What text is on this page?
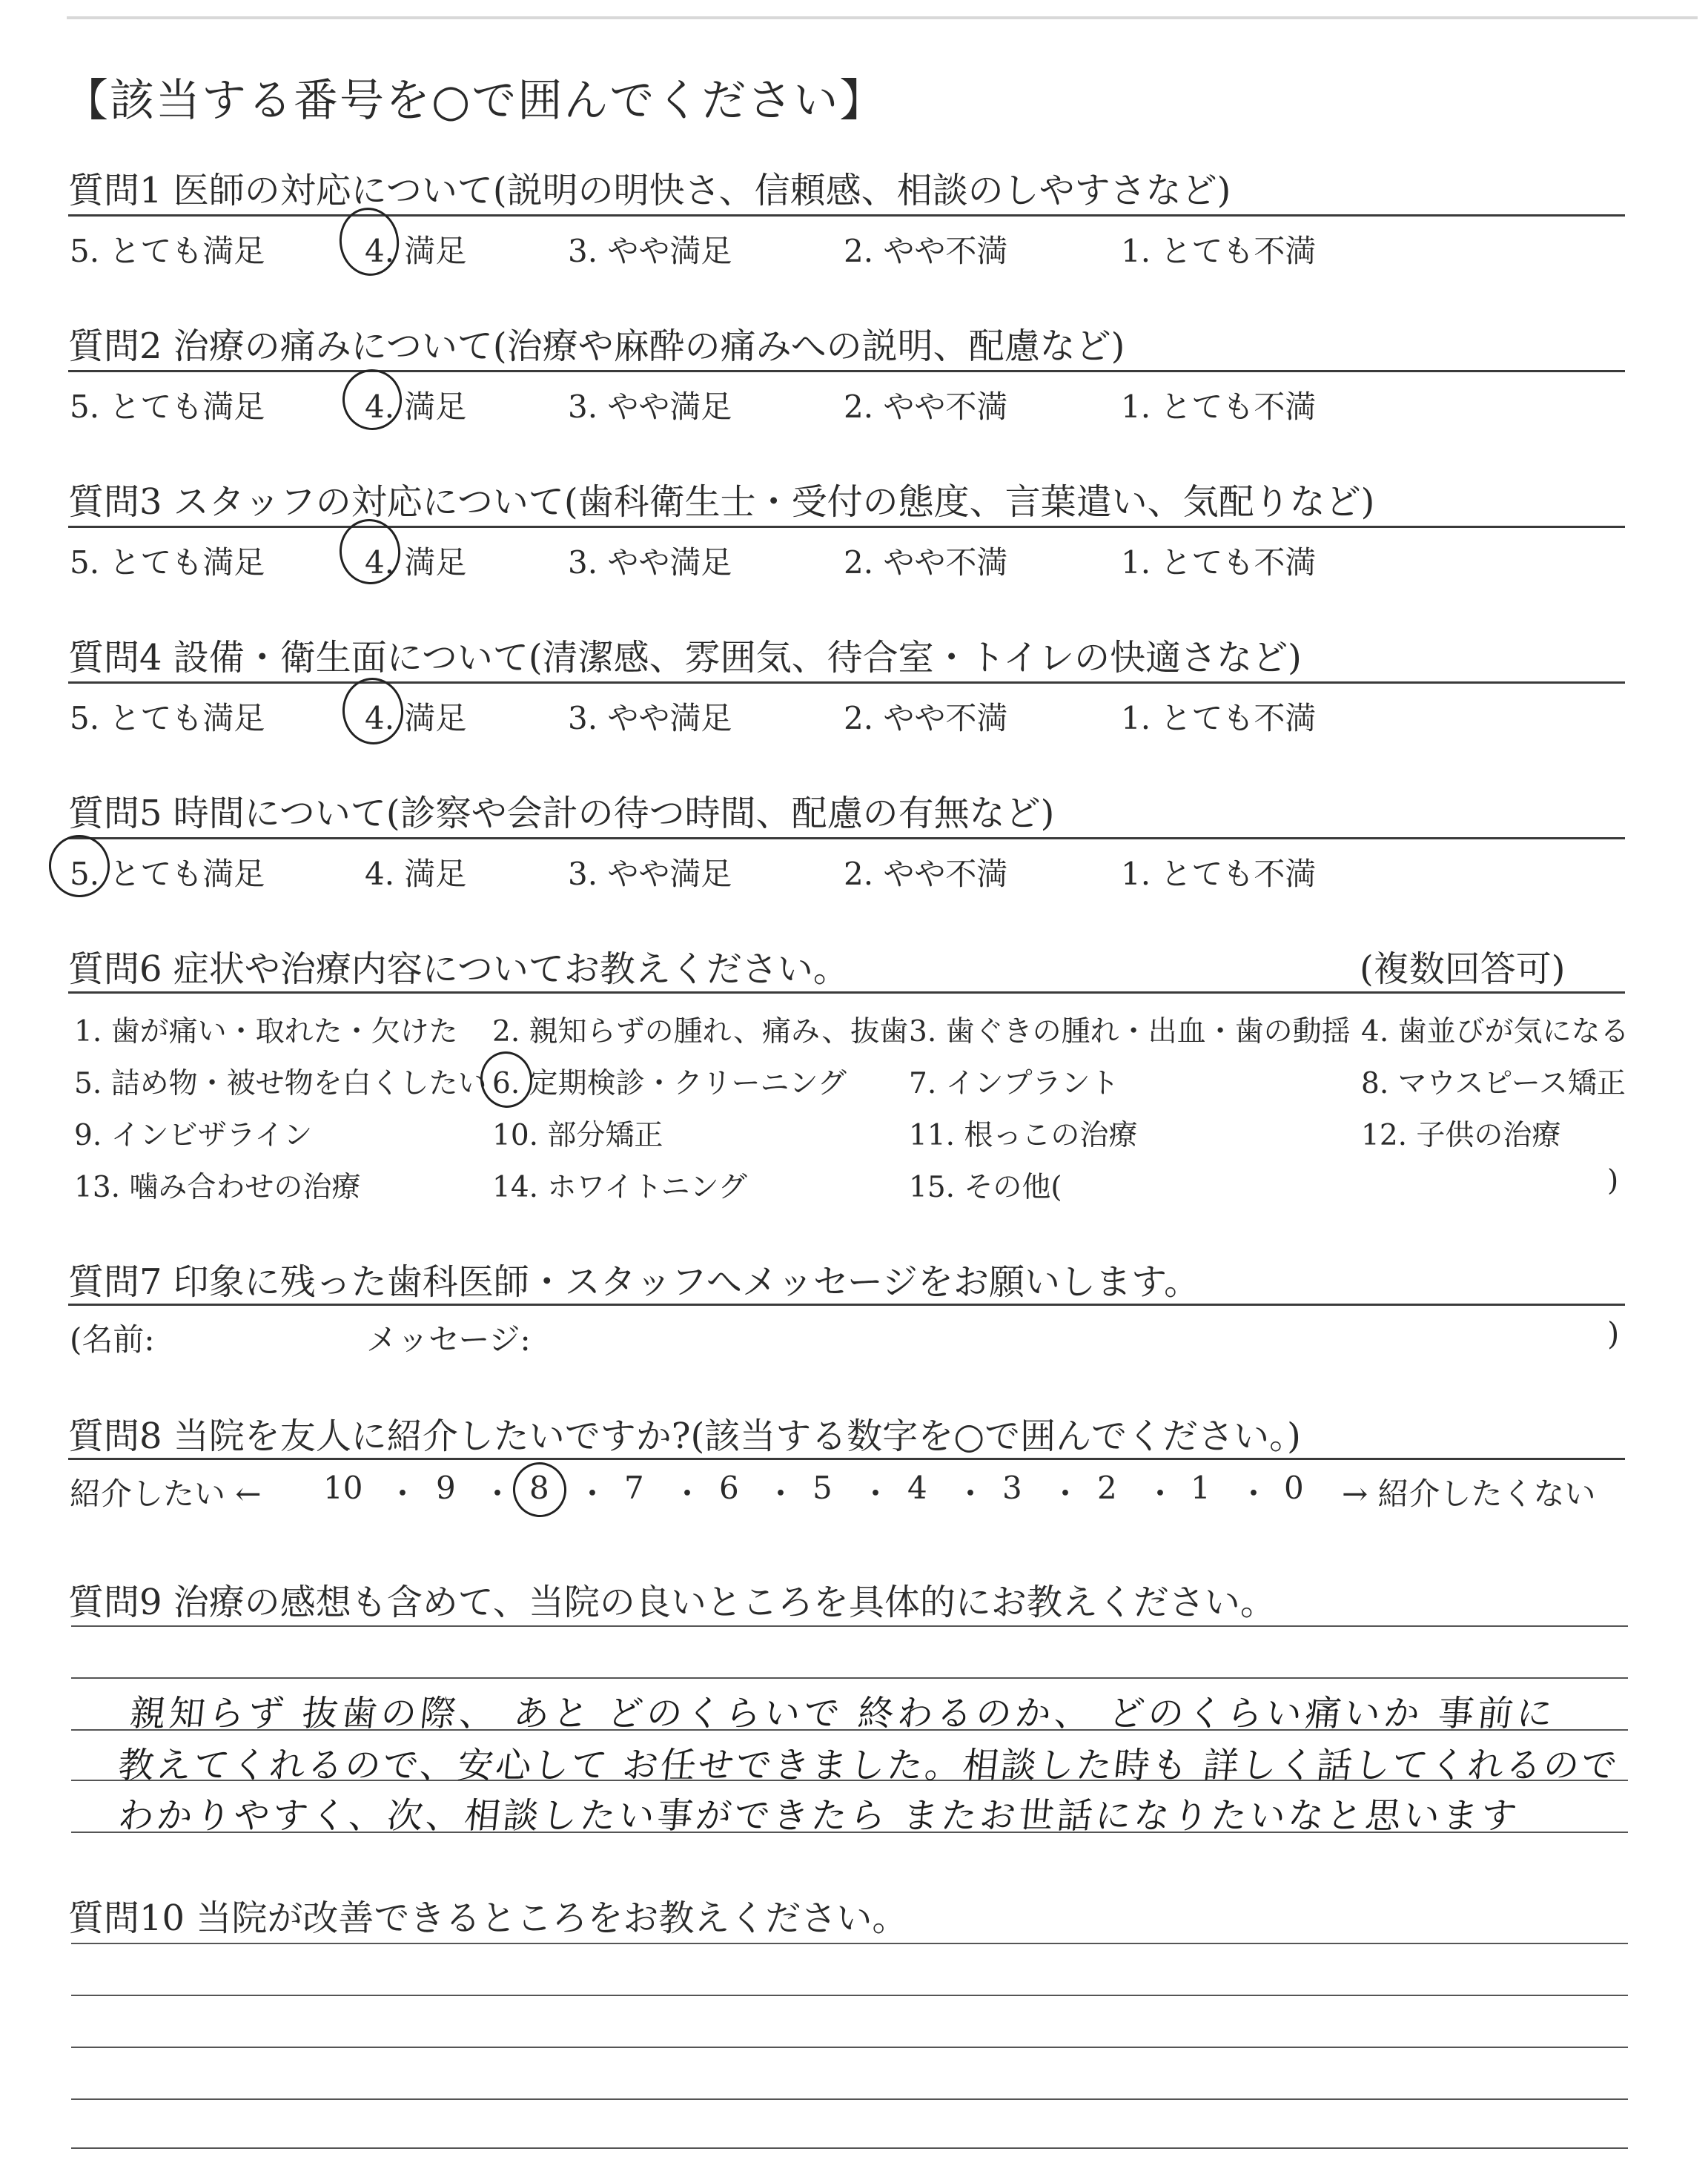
【該当する番号を○で囲んでください】
質問1 医師の対応について(説明の明快さ、信頼感、相談のしやすさなど)
5. とても満足	4. 満足	3. やや満足	2. やや不満	1. とても不満
質問2 治療の痛みについて(治療や麻酔の痛みへの説明、配慮など)
5. とても満足	4. 満足	3. やや満足	2. やや不満	1. とても不満
質問3 スタッフの対応について(歯科衛生士・受付の態度、言葉遣い、気配りなど)
5. とても満足	4. 満足	3. やや満足	2. やや不満	1. とても不満
質問4 設備・衛生面について(清潔感、雰囲気、待合室・トイレの快適さなど)
5. とても満足	4. 満足	3. やや満足	2. やや不満	1. とても不満
質問5 時間について(診察や会計の待つ時間、配慮の有無など)
5. とても満足	4. 満足	3. やや満足	2. やや不満	1. とても不満
質問6 症状や治療内容についてお教えください。	(複数回答可)
1. 歯が痛い・取れた・欠けた 2. 親知らずの腫れ、痛み、抜歯 3. 歯ぐきの腫れ・出血・歯の動揺 4. 歯並びが気になる
5. 詰め物・被せ物を白くしたい 6. 定期検診・クリーニング 7. インプラント	8. マウスピース矯正
9. インビザライン	10. 部分矯正	11. 根っこの治療	12. 子供の治療
13. 噛み合わせの治療	14. ホワイトニング	15. その他(	)
質問7 印象に残った歯科医師・スタッフへメッセージをお願いします。
(名前:	メッセージ:	)
質問8 当院を友人に紹介したいですか?(該当する数字を○で囲んでください。)
紹介したい ← 10 ・ 9 ・ 8 ・ 7 ・ 6 ・ 5 ・ 4 ・ 3 ・ 2 ・ 1 ・ 0 → 紹介したくない
質問9 治療の感想も含めて、当院の良いところを具体的にお教えください。
親知らず 抜歯の際、 あと どのくらいで 終わるのか、 どのくらい痛いか 事前に
教えてくれるので、安心して お任せできました。相談した時も 詳しく話してくれるので
わかりやすく、次、相談したい事ができたら またお世話になりたいなと思います
質問10 当院が改善できるところをお教えください。
